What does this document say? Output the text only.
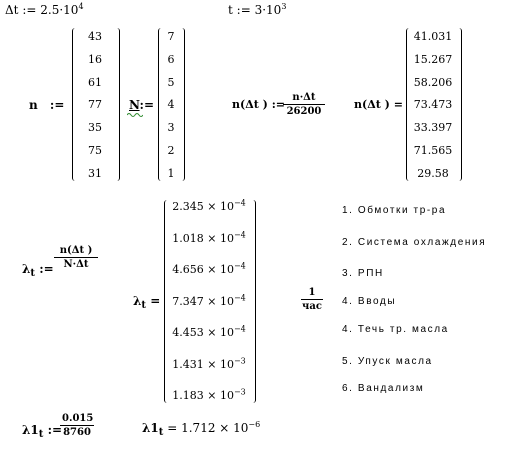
Δt := $2.5\cdot 10^4$	t := $3\cdot 10^3$
n :=
43
16
61
77
35
75
31
N:=
7
6
5
4
3
2
1
n(Δt ) :=
$\frac{n\cdot\Delta t}{26200}$	n(Δt ) =
41.031
15.267
58.206
73.473
33.397
71.565
29.58
$\lambda_t$ := $\frac{n(\Delta t )}{N\cdot\Delta t}$
$\lambda_t$ =
$2.345 \times 10^{-4}$
$1.018 \times 10^{-4}$
$4.656 \times 10^{-4}$
$7.347 \times 10^{-4}$
$4.453 \times 10^{-4}$
$1.431 \times 10^{-3}$
$1.183 \times 10^{-3}$
1
час
1. Обмотки тр-ра
2. Система охлаждения
3. РПН
4. Вводы
4. Течь тр. масла
5. Упуск масла
6. Вандализм
$\lambda 1_t$ :=
$\frac{0.015}{8760}$	$\lambda 1_t = 1.712 \times 10^{-6}$
